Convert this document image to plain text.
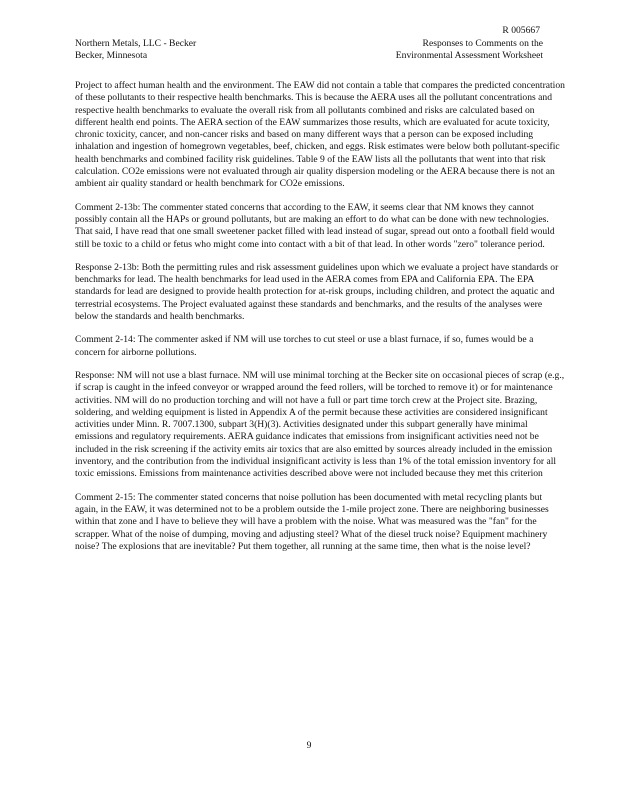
R 005667
Northern Metals, LLC - Becker
Becker, Minnesota
Responses to Comments on the
Environmental Assessment Worksheet

Project to affect human health and the environment. The EAW did not contain a table that compares the predicted concentration of these pollutants to their respective health benchmarks. This is because the AERA uses all the pollutant concentrations and respective health benchmarks to evaluate the overall risk from all pollutants combined and risks are calculated based on different health end points. The AERA section of the EAW summarizes those results, which are evaluated for acute toxicity, chronic toxicity, cancer, and non-cancer risks and based on many different ways that a person can be exposed including inhalation and ingestion of homegrown vegetables, beef, chicken, and eggs. Risk estimates were below both pollutant-specific health benchmarks and combined facility risk guidelines. Table 9 of the EAW lists all the pollutants that went into that risk calculation. CO2e emissions were not evaluated through air quality dispersion modeling or the AERA because there is not an ambient air quality standard or health benchmark for CO2e emissions.

Comment 2-13b: The commenter stated concerns that according to the EAW, it seems clear that NM knows they cannot possibly contain all the HAPs or ground pollutants, but are making an effort to do what can be done with new technologies. That said, I have read that one small sweetener packet filled with lead instead of sugar, spread out onto a football field would still be toxic to a child or fetus who might come into contact with a bit of that lead. In other words "zero" tolerance period.

Response 2-13b: Both the permitting rules and risk assessment guidelines upon which we evaluate a project have standards or benchmarks for lead. The health benchmarks for lead used in the AERA comes from EPA and California EPA. The EPA standards for lead are designed to provide health protection for at-risk groups, including children, and protect the aquatic and terrestrial ecosystems. The Project evaluated against these standards and benchmarks, and the results of the analyses were below the standards and health benchmarks.

Comment 2-14: The commenter asked if NM will use torches to cut steel or use a blast furnace, if so, fumes would be a concern for airborne pollutions.

Response: NM will not use a blast furnace. NM will use minimal torching at the Becker site on occasional pieces of scrap (e.g., if scrap is caught in the infeed conveyor or wrapped around the feed rollers, will be torched to remove it) or for maintenance activities. NM will do no production torching and will not have a full or part time torch crew at the Project site. Brazing, soldering, and welding equipment is listed in Appendix A of the permit because these activities are considered insignificant activities under Minn. R. 7007.1300, subpart 3(H)(3). Activities designated under this subpart generally have minimal emissions and regulatory requirements. AERA guidance indicates that emissions from insignificant activities need not be included in the risk screening if the activity emits air toxics that are also emitted by sources already included in the emission inventory, and the contribution from the individual insignificant activity is less than 1% of the total emission inventory for all toxic emissions. Emissions from maintenance activities described above were not included because they met this criterion

Comment 2-15: The commenter stated concerns that noise pollution has been documented with metal recycling plants but again, in the EAW, it was determined not to be a problem outside the 1-mile project zone. There are neighboring businesses within that zone and I have to believe they will have a problem with the noise. What was measured was the "fan" for the scrapper. What of the noise of dumping, moving and adjusting steel? What of the diesel truck noise? Equipment machinery noise? The explosions that are inevitable? Put them together, all running at the same time, then what is the noise level?

9
